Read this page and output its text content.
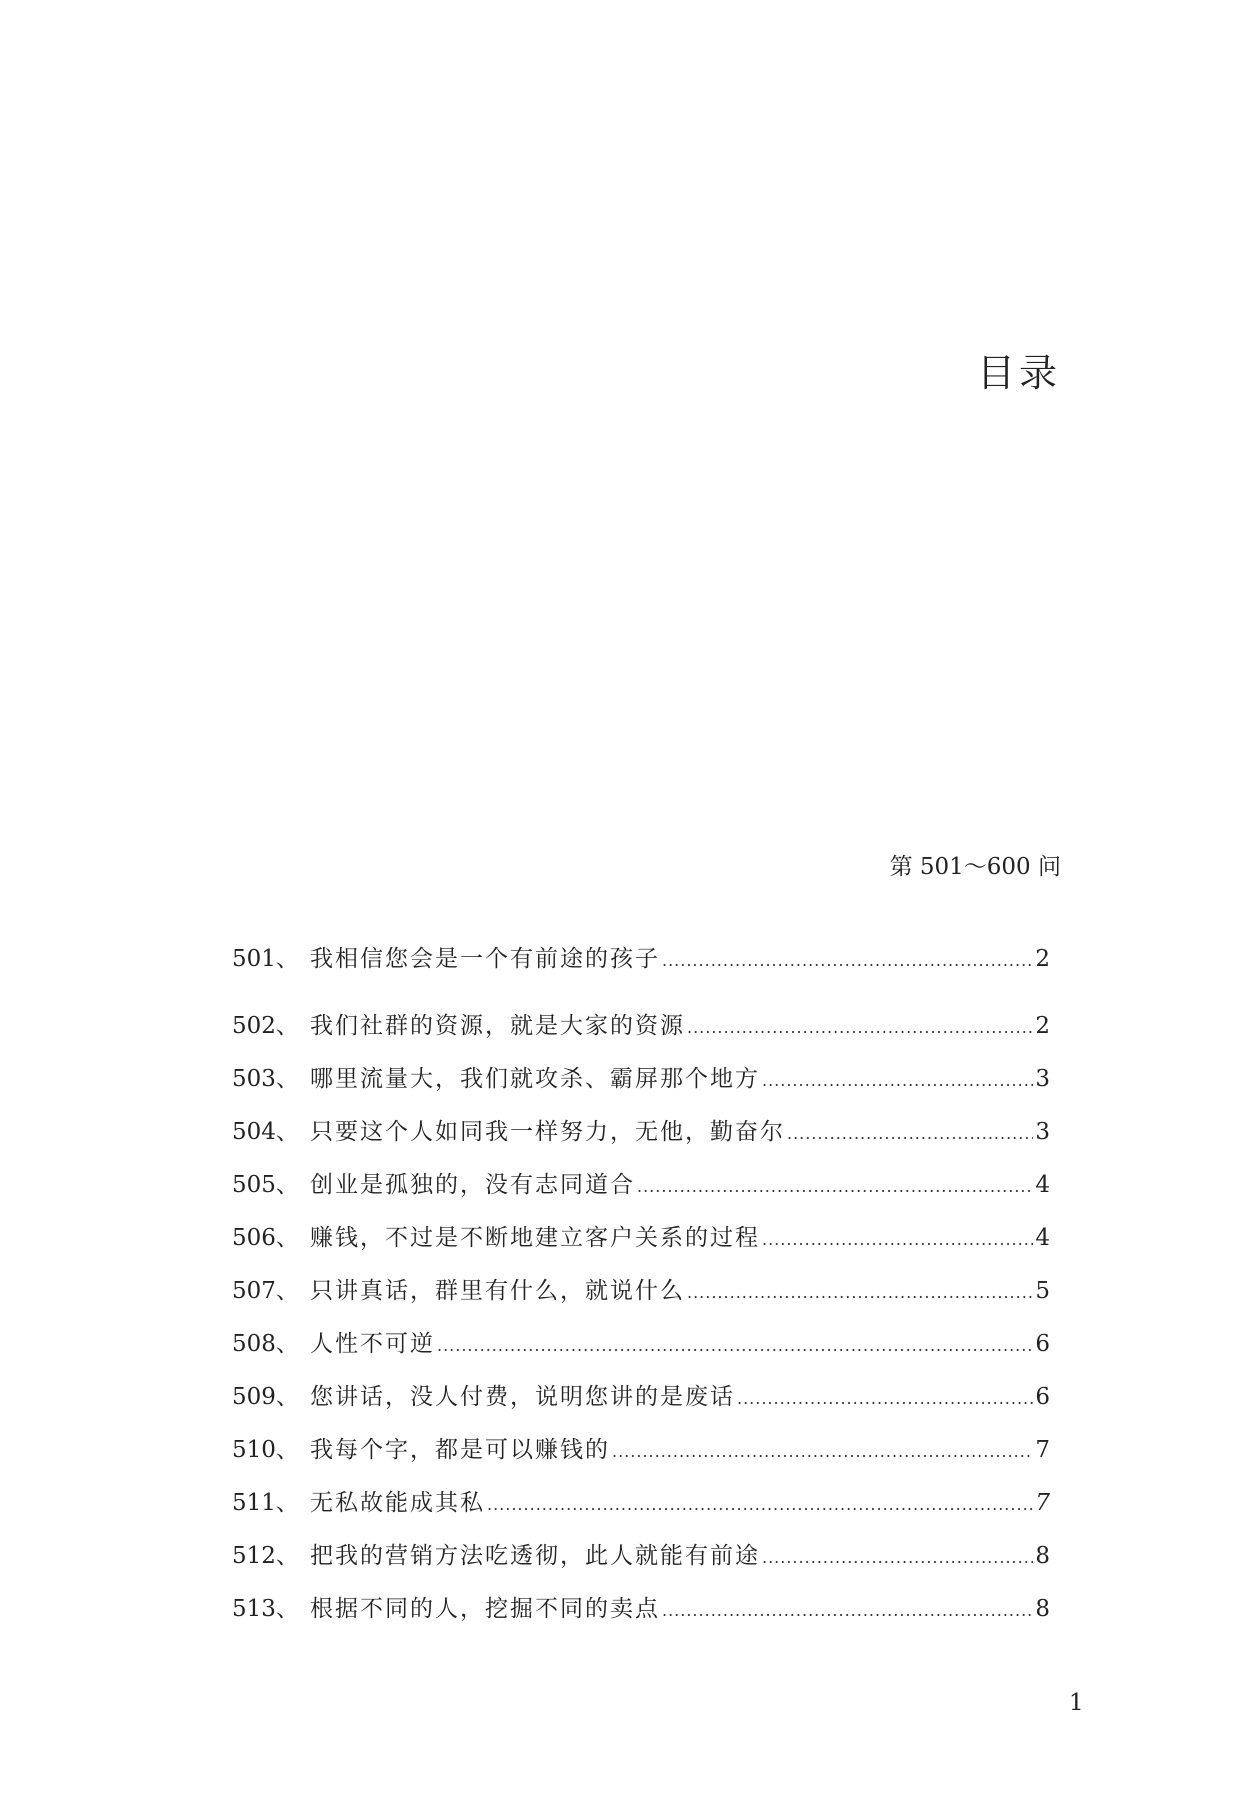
目录
第 501～600 问
501、 我相信您会是一个有前途的孩子 .....	2
502、 我们社群的资源，就是大家的资源 .....	2
503、 哪里流量大，我们就攻杀、霸屏那个地方 .....	3
504、 只要这个人如同我一样努力，无他，勤奋尔 .....	3
505、 创业是孤独的，没有志同道合 .....	4
506、 赚钱，不过是不断地建立客户关系的过程 .....	4
507、 只讲真话，群里有什么，就说什么 .....	5
508、 人性不可逆 .....	6
509、 您讲话，没人付费，说明您讲的是废话 .....	6
510、 我每个字，都是可以赚钱的 .....	7
511、 无私故能成其私 .....	7
512、 把我的营销方法吃透彻，此人就能有前途 .....	8
513、 根据不同的人，挖掘不同的卖点 .....	8
1
